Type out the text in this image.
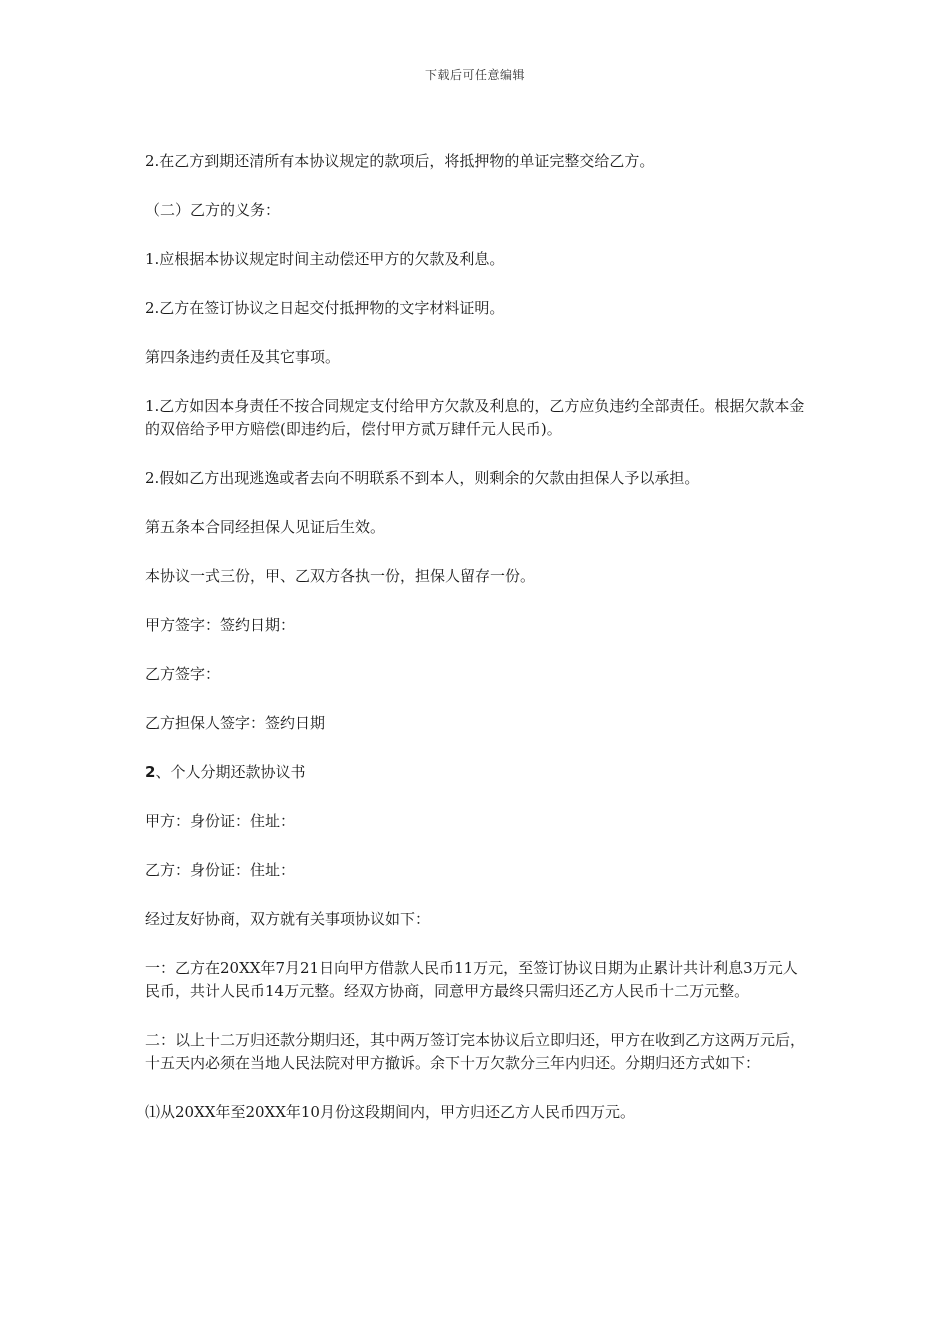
下载后可任意编辑

2.在乙方到期还清所有本协议规定的款项后，将抵押物的单证完整交给乙方。

（二）乙方的义务：

1.应根据本协议规定时间主动偿还甲方的欠款及利息。

2.乙方在签订协议之日起交付抵押物的文字材料证明。

第四条违约责任及其它事项。

1.乙方如因本身责任不按合同规定支付给甲方欠款及利息的，乙方应负违约全部责任。根据欠款本金的双倍给予甲方赔偿(即违约后，偿付甲方贰万肆仟元人民币)。

2.假如乙方出现逃逸或者去向不明联系不到本人，则剩余的欠款由担保人予以承担。

第五条本合同经担保人见证后生效。

本协议一式三份，甲、乙双方各执一份，担保人留存一份。

甲方签字：签约日期：

乙方签字：

乙方担保人签字：签约日期

2、个人分期还款协议书

甲方：身份证：住址：

乙方：身份证：住址：

经过友好协商，双方就有关事项协议如下：

一：乙方在20XX年7月21日向甲方借款人民币11万元，至签订协议日期为止累计共计利息3万元人民币，共计人民币14万元整。经双方协商，同意甲方最终只需归还乙方人民币十二万元整。

二：以上十二万归还款分期归还，其中两万签订完本协议后立即归还，甲方在收到乙方这两万元后，十五天内必须在当地人民法院对甲方撤诉。余下十万欠款分三年内归还。分期归还方式如下：

⑴从20XX年至20XX年10月份这段期间内，甲方归还乙方人民币四万元。
